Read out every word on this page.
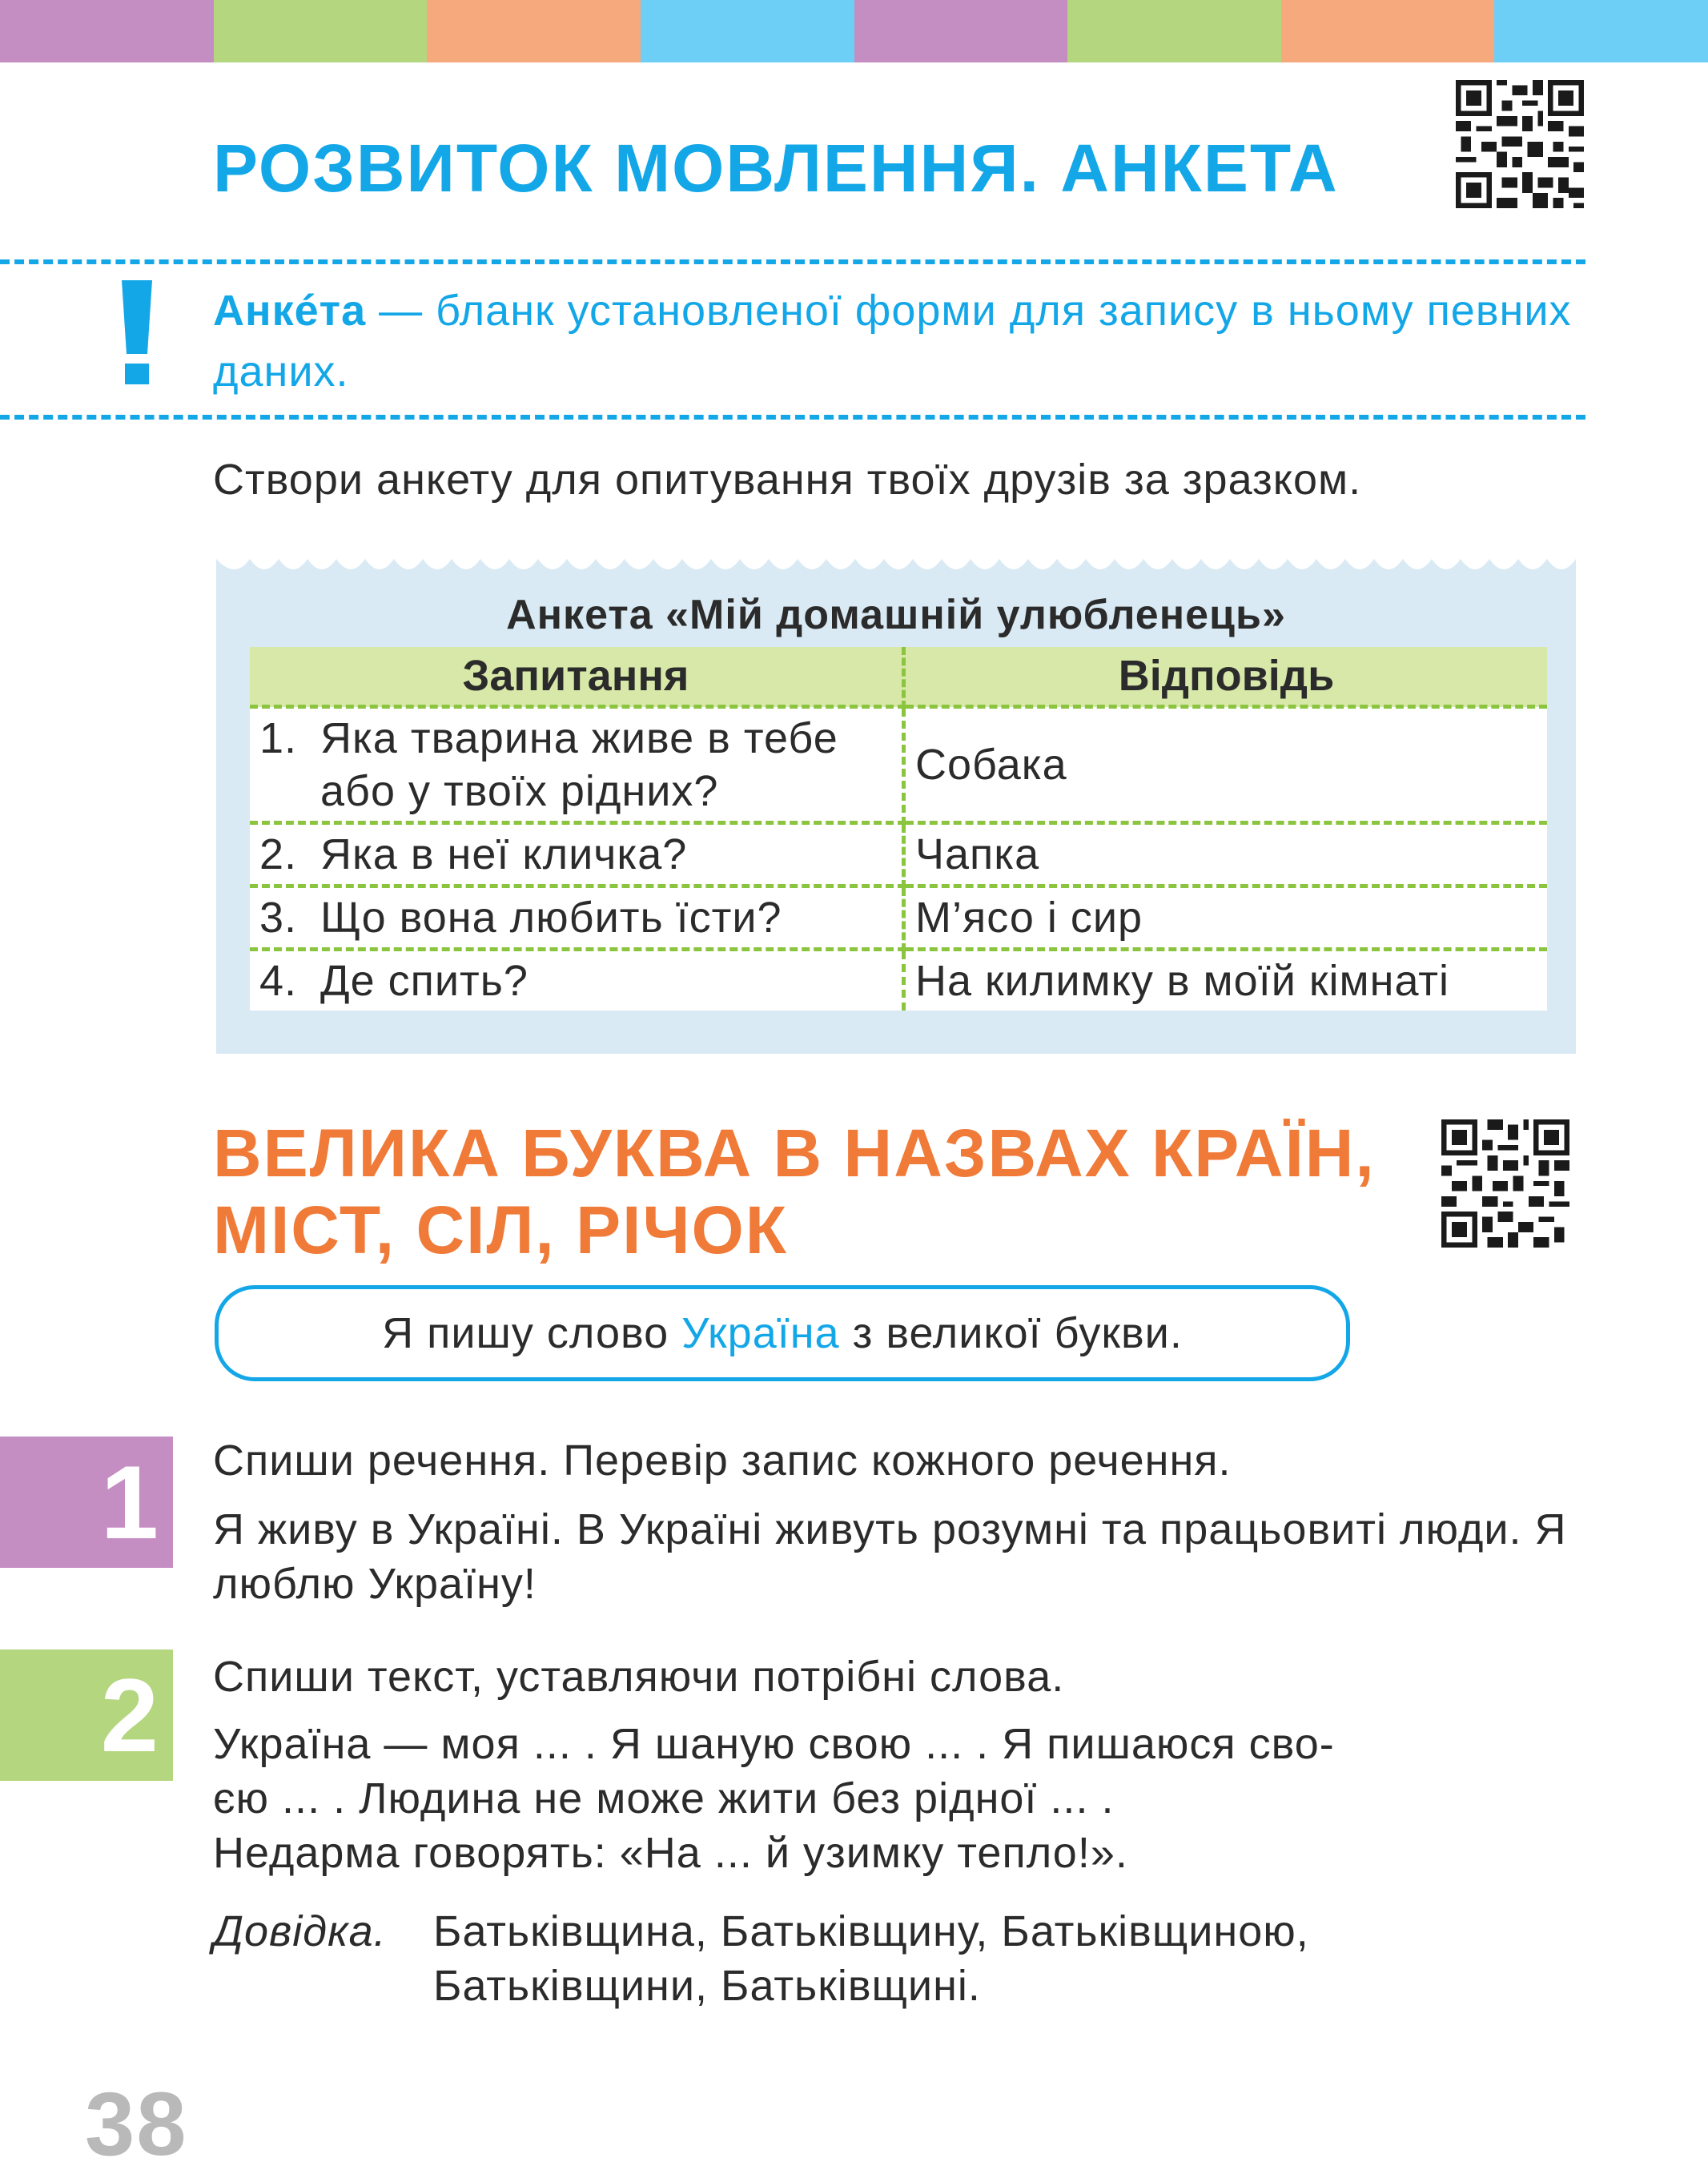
РОЗВИТОК МОВЛЕННЯ. АНКЕТА

Анкéта — бланк установленої форми для запису в ньому певних даних.

Створи анкету для опитування твоїх друзів за зразком.

Анкета «Мій домашній улюбленець»
Запитання	Відповідь

1. Яка тварина живе в тебе або у твоїх рідних?	Собака

2. Яка в неї кличка?	Чапка

3. Що вона любить їсти?	М’ясо і сир

4. Де спить?	На килимку в моїй кімнаті
ВЕЛИКА БУКВА В НАЗВАХ КРАЇН,
МІСТ, СІЛ, РІЧОК
Я пишу слово Україна з великої букви.
1	Спиши речення. Перевір запис кожного речення.

Я живу в Україні. В Україні живуть розумні та працьовиті люди. Я люблю Україну!

2	Спиши текст, уставляючи потрібні слова.

Україна — моя ... . Я шаную свою ... . Я пишаюся сво-
єю ... . Людина не може жити без рідної ... .
Недарма говорять: «На ... й узимку тепло!».

Довідка. Батьківщина, Батьківщину, Батьківщиною,
Батьківщини, Батьківщині.

38
